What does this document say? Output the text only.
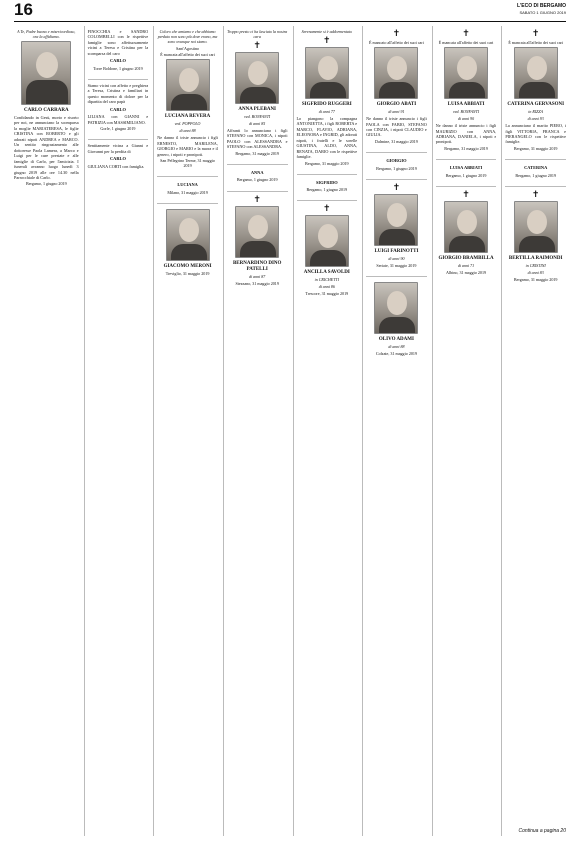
16	L'ECO DI BERGAMO
SABATO 1 GIUGNO 2019
A Te, Padre buono e misericordioso, ora la affidiamo.
CARLO CARRARA
Confidando in Gesù, morto e risorto per noi, ne annunciano la scomparsa la moglie MARIATERESA, le figlie CRISTINA con ROBERTO e gli adorati nipoti ANDREA e MARCO. Un sentito ringraziamento alle dottoresse Paola Lamera, a Marco e Luigi per le cure prestate e alle famiglie di Carlo, per l'amicizia. I funerali avranno luogo lunedì 3 giugno 2019 alle ore 14.30 nella Parrocchiale di Carlo.
Bergamo, 1 giugno 2019
FINOCCHIA e SANDRO COLOMBELLI con le rispettive famiglie sono affettuosamente vicini a Teresa e Cristina per la scomparsa del caro
CARLO
Torre Boldone, 1 giugno 2019
Siamo vicini con affetto e preghiera a Teresa, Cristina e familiari in questo momento di dolore per la dipartita del caro papà
CARLO
LILIANA con GIANNI e PATRIZIA con MASSIMILIANO.
Gorle, 1 giugno 2019
Sentitamente vicina a Gianni e Giovanni per la perdita di
CARLO
GIULIANA CORTI con famiglia.
Coloro che amiamo e che abbiamo perduto non sono più dove erano, ma sono ovunque noi siamo.
Sant'Agostino
È mancata all'affetto dei suoi cari
LUCIANA REVERA
ved. POPPOLO
di anni 88
Ne danno il triste annuncio i figli ERNESTO, MARILENA, GIORGIO e MARIO e la nuora e il genero, i nipoti e pronipoti.
San Pellegrino Terme, 31 maggio 2019
LUCIANA
Milano, 31 maggio 2019
GIACOMO MERONI
Treviglio, 31 maggio 2019
Troppo presto ci ha lasciato la nostra cara
✝
ANNA PLEBANI
ved. BONFANTI
di anni 85
Affranti lo annunciano i figli STEFANO con MONICA, i nipoti PAOLO con ALESSANDRA e STEFANO con ALESSANDRA.
Bergamo, 31 maggio 2019
ANNA
Bergamo, 1 giugno 2019
✝
BERNARDINO DINO PATELLI
di anni 87
Stezzano, 31 maggio 2019
Serenamente si è addormentato
✝
SIGFRIDO RUGGERI
di anni 77
Lo piangono la compagna ANTONIETTA, i figli ROBERTA e MARCO, FLAVIO, ADRIANA, ELEONORA e INGRID, gli adorati nipoti, i fratelli e le sorelle GIUSTINA, ALDO, ANNA, RENATA, DARIO con le rispettive famiglie.
Bergamo, 31 maggio 2019
SIGFRIDO
Bergamo, 1 giugno 2019
✝
ANCILLA SAVOLDI
in CRICHETTI
di anni 86
Trescore, 31 maggio 2019
✝
È mancato all'affetto dei suoi cari
GIORGIO ABATI
di anni 91
Ne danno il triste annuncio i figli PAOLA con FABIO, STEFANO con CINZIA, i nipoti CLAUDIO e GIULIA.
Dalmine, 31 maggio 2019
GIORGIO
Bergamo, 1 giugno 2019
✝
LUIGI FARINOTTI
di anni 90
Seriate, 31 maggio 2019
OLIVO ADAMI
di anni 88
Colzate, 31 maggio 2019
✝
È mancata all'affetto dei suoi cari
LUISA ABBIATI
ved. BONFANTI
di anni 90
Ne danno il triste annuncio i figli MAURIZIO con ANNA, ADRIANA, DANIELA, i nipoti e pronipoti.
Bergamo, 31 maggio 2019
LUISA ABBIATI
Bergamo, 1 giugno 2019
✝
GIORGIO BRAMBILLA
di anni 71
Albino, 31 maggio 2019
✝
È mancata all'affetto dei suoi cari
CATERINA GERVASONI
in RIZZA
di anni 93
La annunciano il marito PIERO, i figli VITTORIA, FRANCA e PIERANGELO con le rispettive famiglie.
Bergamo, 31 maggio 2019
CATERINA
Bergamo, 1 giugno 2019
✝
BERTILLA RAIMONDI
in CRISTINI
di anni 83
Bergamo, 31 maggio 2019
Continua a pagina 20
